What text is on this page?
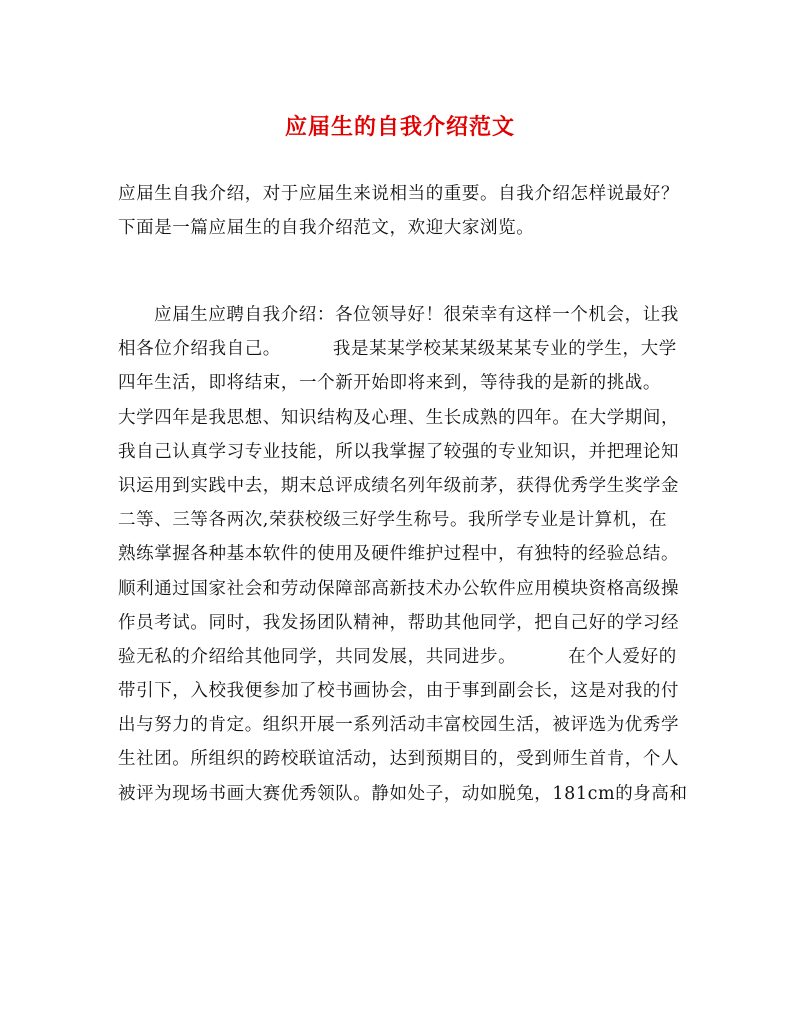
应届生的自我介绍范文
应届生自我介绍，对于应届生来说相当的重要。自我介绍怎样说最好？
下面是一篇应届生的自我介绍范文，欢迎大家浏览。
应届生应聘自我介绍：各位领导好！很荣幸有这样一个机会，让我
相各位介绍我自己。	我是某某学校某某级某某专业的学生，大学
四年生活，即将结束，一个新开始即将来到，等待我的是新的挑战。
大学四年是我思想、知识结构及心理、生长成熟的四年。在大学期间，
我自己认真学习专业技能，所以我掌握了较强的专业知识，并把理论知
识运用到实践中去，期末总评成绩名列年级前茅，获得优秀学生奖学金
二等、三等各两次,荣获校级三好学生称号。我所学专业是计算机，在
熟练掌握各种基本软件的使用及硬件维护过程中，有独特的经验总结。
顺利通过国家社会和劳动保障部高新技术办公软件应用模块资格高级操
作员考试。同时，我发扬团队精神，帮助其他同学，把自己好的学习经
验无私的介绍给其他同学，共同发展，共同进步。	在个人爱好的
带引下，入校我便参加了校书画协会，由于事到副会长，这是对我的付
出与努力的肯定。组织开展一系列活动丰富校园生活，被评选为优秀学
生社团。所组织的跨校联谊活动，达到预期目的，受到师生首肯，个人
被评为现场书画大赛优秀领队。静如处子，动如脱兔，181cm的身高和
